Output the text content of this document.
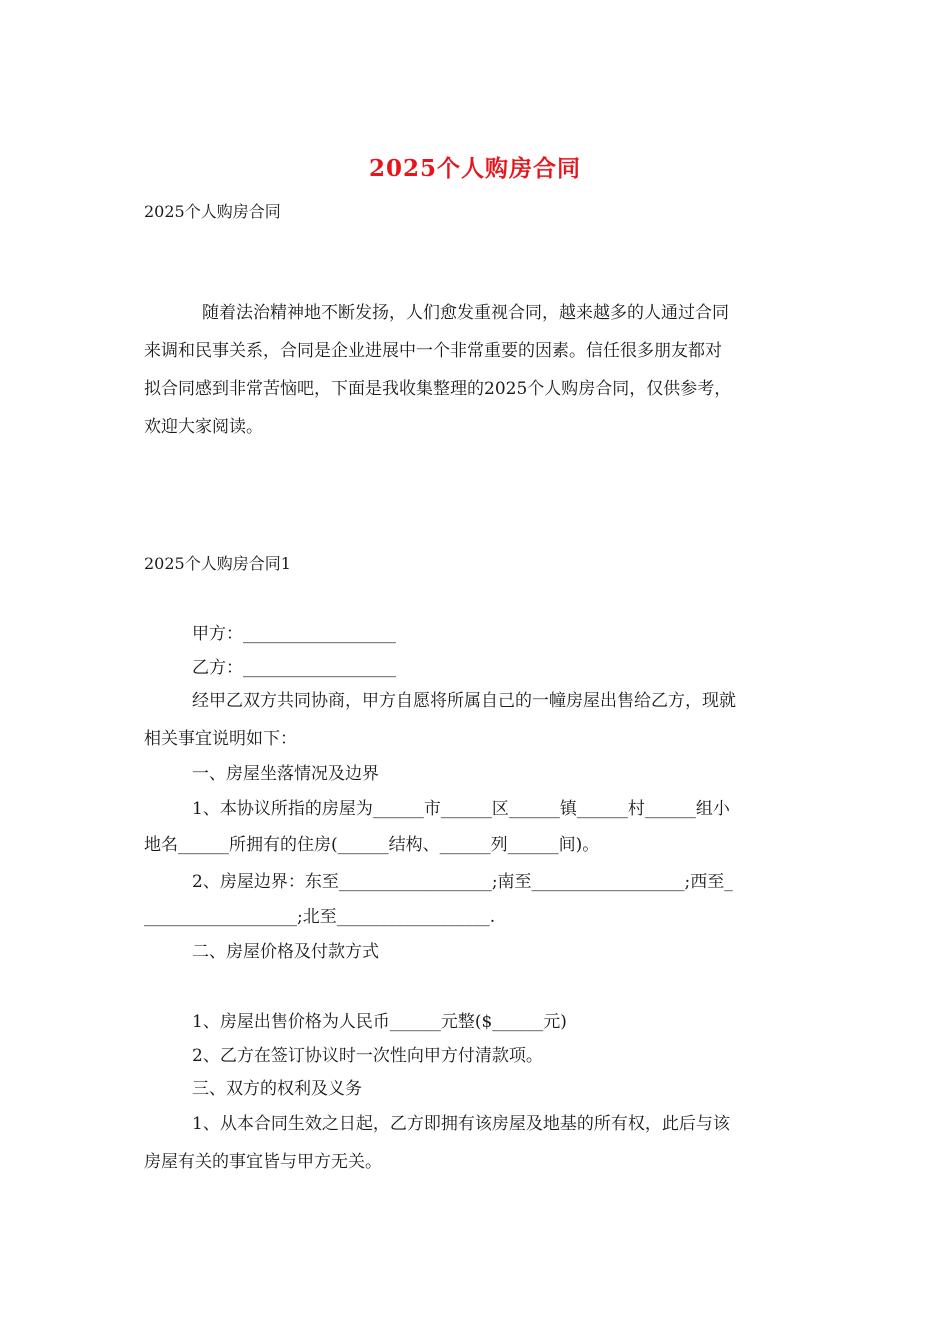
2025个人购房合同
2025个人购房合同
随着法治精神地不断发扬，人们愈发重视合同，越来越多的人通过合同
来调和民事关系，合同是企业进展中一个非常重要的因素。信任很多朋友都对
拟合同感到非常苦恼吧，下面是我收集整理的2025个人购房合同，仅供参考，
欢迎大家阅读。
2025个人购房合同1
甲方：__________________
乙方：__________________
经甲乙双方共同协商，甲方自愿将所属自己的一幢房屋出售给乙方，现就
相关事宜说明如下：
一、房屋坐落情况及边界
1、本协议所指的房屋为______市______区______镇______村______组小
地名______所拥有的住房(______结构、______列______间)。
2、房屋边界：东至__________________;南至__________________;西至_
__________________;北至__________________.
二、房屋价格及付款方式
1、房屋出售价格为人民币______元整($______元)
2、乙方在签订协议时一次性向甲方付清款项。
三、双方的权利及义务
1、从本合同生效之日起，乙方即拥有该房屋及地基的所有权，此后与该
房屋有关的事宜皆与甲方无关。
